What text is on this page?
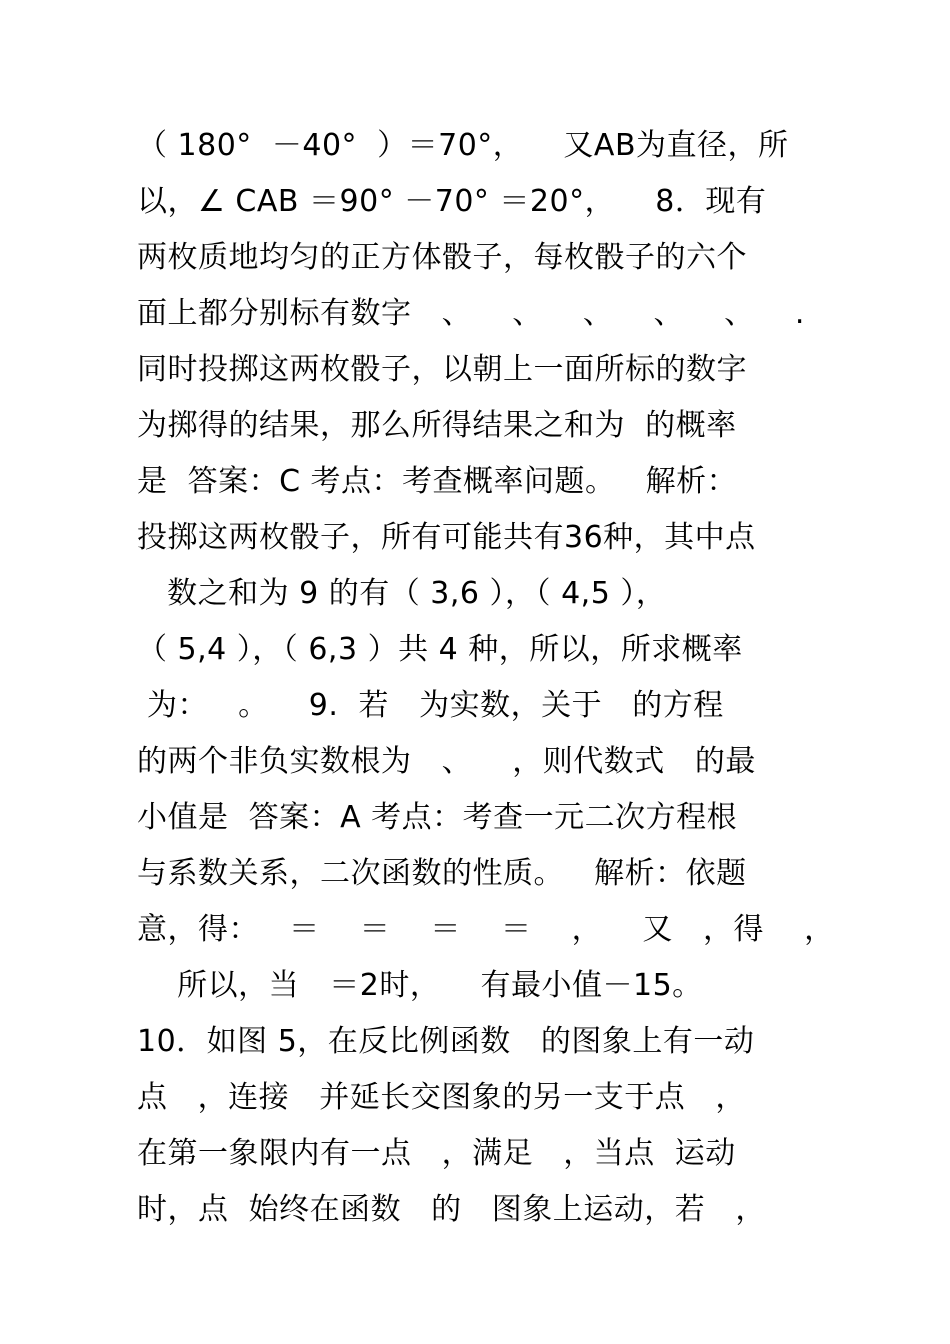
（ 180°  －40°  ）＝70°，    又AB为直径，所
以，∠ CAB ＝90° －70° ＝20°，    8．现有
两枚质地均匀的正方体骰子，每枚骰子的六个
面上都分别标有数字   、    、    、    、    、    .
同时投掷这两枚骰子，以朝上一面所标的数字
为掷得的结果，那么所得结果之和为  的概率
是  答案：C 考点：考查概率问题。   解析：
投掷这两枚骰子，所有可能共有36种，其中点
数之和为 9 的有（ 3,6 ），（ 4,5 ），
（ 5,4 ），（ 6,3 ）共 4 种，所以，所求概率
为：   。    9.  若   为实数，关于   的方程
的两个非负实数根为   、    ，则代数式   的最
小值是  答案：A 考点：考查一元二次方程根
与系数关系，二次函数的性质。   解析：依题
意，得：   ＝    ＝    ＝    ＝    ，    又   ，得    ，
所以，当   ＝2时，    有最小值－15。
10．如图 5，在反比例函数   的图象上有一动
点   ，连接   并延长交图象的另一支于点   ，
在第一象限内有一点   ，满足   ，当点  运动
时，点  始终在函数   的   图象上运动，若   ，
